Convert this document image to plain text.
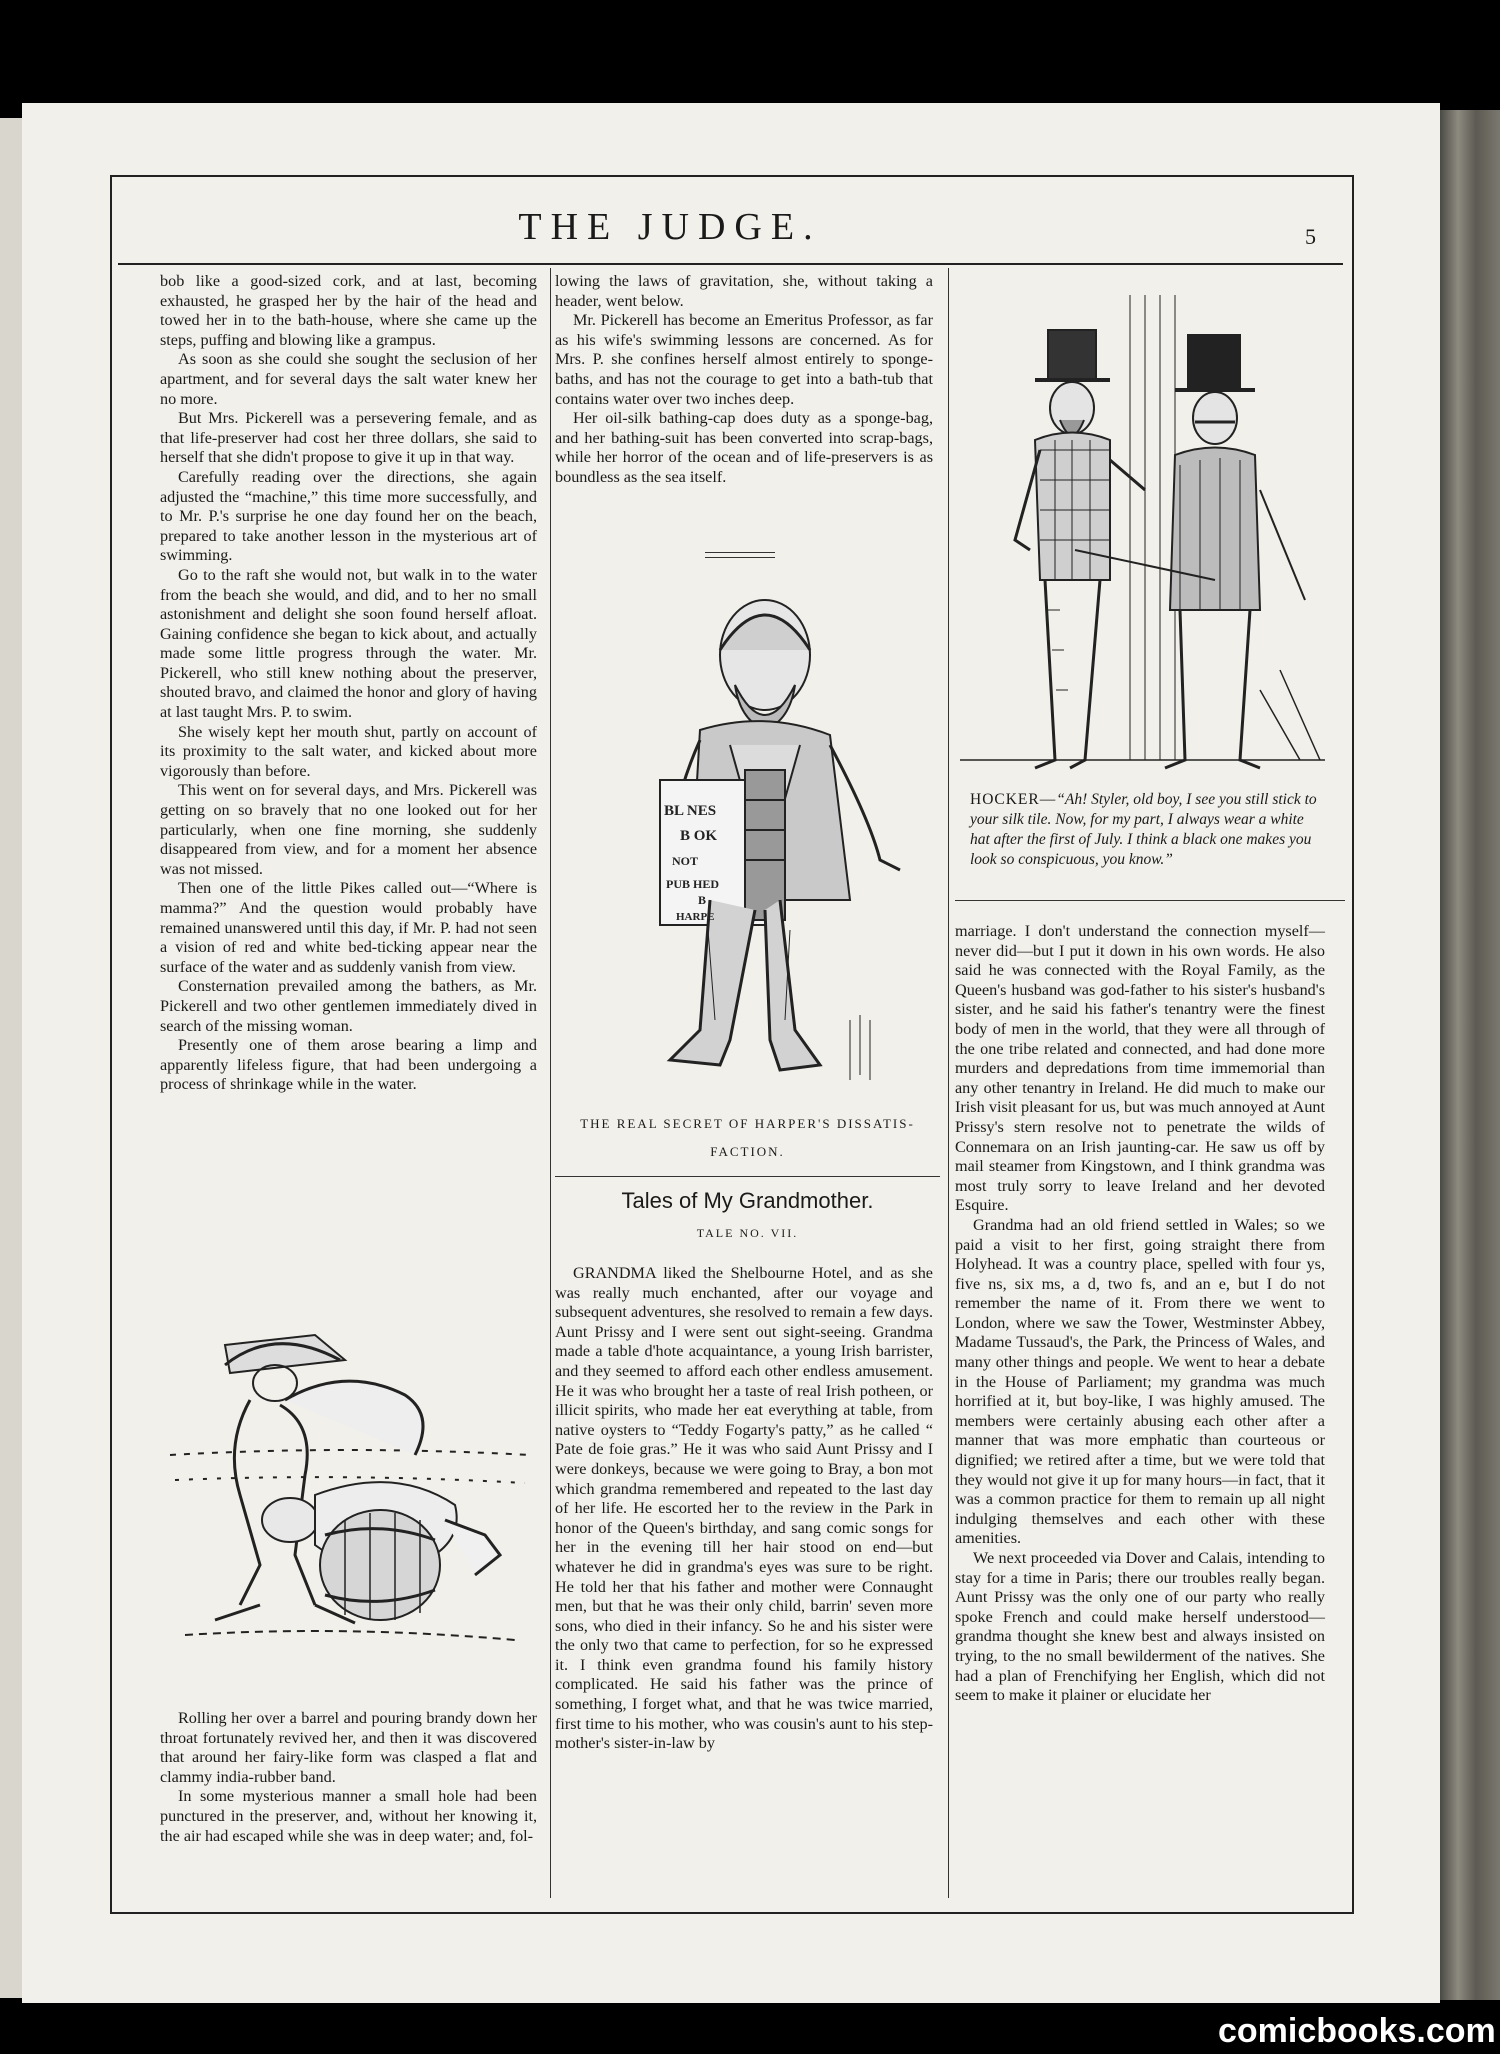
THE JUDGE.	5

bob like a good-sized cork, and at last, becoming exhausted, he grasped her by the hair of the head and towed her in to the bath-house, where she came up the steps, puffing and blowing like a grampus.

As soon as she could she sought the seclusion of her apartment, and for several days the salt water knew her no more.

But Mrs. Pickerell was a persevering female, and as that life-preserver had cost her three dollars, she said to herself that she didn't propose to give it up in that way.

Carefully reading over the directions, she again adjusted the “machine,” this time more successfully, and to Mr. P.'s surprise he one day found her on the beach, prepared to take another lesson in the mysterious art of swimming.

Go to the raft she would not, but walk in to the water from the beach she would, and did, and to her no small astonishment and delight she soon found herself afloat. Gaining confidence she began to kick about, and actually made some little progress through the water. Mr. Pickerell, who still knew nothing about the preserver, shouted bravo, and claimed the honor and glory of having at last taught Mrs. P. to swim.

She wisely kept her mouth shut, partly on account of its proximity to the salt water, and kicked about more vigorously than before.

This went on for several days, and Mrs. Pickerell was getting on so bravely that no one looked out for her particularly, when one fine morning, she suddenly disappeared from view, and for a moment her absence was not missed.

Then one of the little Pikes called out—“Where is mamma?” And the question would probably have remained unanswered until this day, if Mr. P. had not seen a vision of red and white bed-ticking appear near the surface of the water and as suddenly vanish from view.

Consternation prevailed among the bathers, as Mr. Pickerell and two other gentlemen immediately dived in search of the missing woman.

Presently one of them arose bearing a limp and apparently lifeless figure, that had been undergoing a process of shrinkage while in the water.

Rolling her over a barrel and pouring brandy down her throat fortunately revived her, and then it was discovered that around her fairy-like form was clasped a flat and clammy india-rubber band.

In some mysterious manner a small hole had been punctured in the preserver, and, without her knowing it, the air had escaped while she was in deep water; and, fol-

lowing the laws of gravitation, she, without taking a header, went below.

Mr. Pickerell has become an Emeritus Professor, as far as his wife's swimming lessons are concerned. As for Mrs. P. she confines herself almost entirely to sponge-baths, and has not the courage to get into a bath-tub that contains water over two inches deep.

Her oil-silk bathing-cap does duty as a sponge-bag, and her bathing-suit has been converted into scrap-bags, while her horror of the ocean and of life-preservers is as boundless as the sea itself.

BL NES
B OK
NOT
PUB HED
B
HARPE
THE REAL SECRET OF HARPER'S DISSATIS-
FACTION.
Tales of My Grandmother.
TALE NO. VII.

GRANDMA liked the Shelbourne Hotel, and as she was really much enchanted, after our voyage and subsequent adventures, she resolved to remain a few days. Aunt Prissy and I were sent out sight-seeing. Grandma made a table d'hote acquaintance, a young Irish barrister, and they seemed to afford each other endless amusement. He it was who brought her a taste of real Irish potheen, or illicit spirits, who made her eat everything at table, from native oysters to “Teddy Fogarty's patty,” as he called “ Pate de foie gras.” He it was who said Aunt Prissy and I were donkeys, because we were going to Bray, a bon mot which grandma remembered and repeated to the last day of her life. He escorted her to the review in the Park in honor of the Queen's birthday, and sang comic songs for her in the evening till her hair stood on end—but whatever he did in grandma's eyes was sure to be right. He told her that his father and mother were Connaught men, but that he was their only child, barrin' seven more sons, who died in their infancy. So he and his sister were the only two that came to perfection, for so he expressed it. I think even grandma found his family history complicated. He said his father was the prince of something, I forget what, and that he was twice married, first time to his mother, who was cousin's aunt to his step-mother's sister-in-law by

HOCKER—“Ah! Styler, old boy, I see you still stick to your silk tile. Now, for my part, I always wear a white hat after the first of July. I think a black one makes you look so conspicuous, you know.”

marriage. I don't understand the connection myself—never did—but I put it down in his own words. He also said he was connected with the Royal Family, as the Queen's husband was god-father to his sister's husband's sister, and he said his father's tenantry were the finest body of men in the world, that they were all through of the one tribe related and connected, and had done more murders and depredations from time immemorial than any other tenantry in Ireland. He did much to make our Irish visit pleasant for us, but was much annoyed at Aunt Prissy's stern resolve not to penetrate the wilds of Connemara on an Irish jaunting-car. He saw us off by mail steamer from Kingstown, and I think grandma was most truly sorry to leave Ireland and her devoted Esquire.

Grandma had an old friend settled in Wales; so we paid a visit to her first, going straight there from Holyhead. It was a country place, spelled with four ys, five ns, six ms, a d, two fs, and an e, but I do not remember the name of it. From there we went to London, where we saw the Tower, Westminster Abbey, Madame Tussaud's, the Park, the Princess of Wales, and many other things and people. We went to hear a debate in the House of Parliament; my grandma was much horrified at it, but boy-like, I was highly amused. The members were certainly abusing each other after a manner that was more emphatic than courteous or dignified; we retired after a time, but we were told that they would not give it up for many hours—in fact, that it was a common practice for them to remain up all night indulging themselves and each other with these amenities.

We next proceeded via Dover and Calais, intending to stay for a time in Paris; there our troubles really began. Aunt Prissy was the only one of our party who really spoke French and could make herself understood—grandma thought she knew best and always insisted on trying, to the no small bewilderment of the natives. She had a plan of Frenchifying her English, which did not seem to make it plainer or elucidate her

comicbooks.com
